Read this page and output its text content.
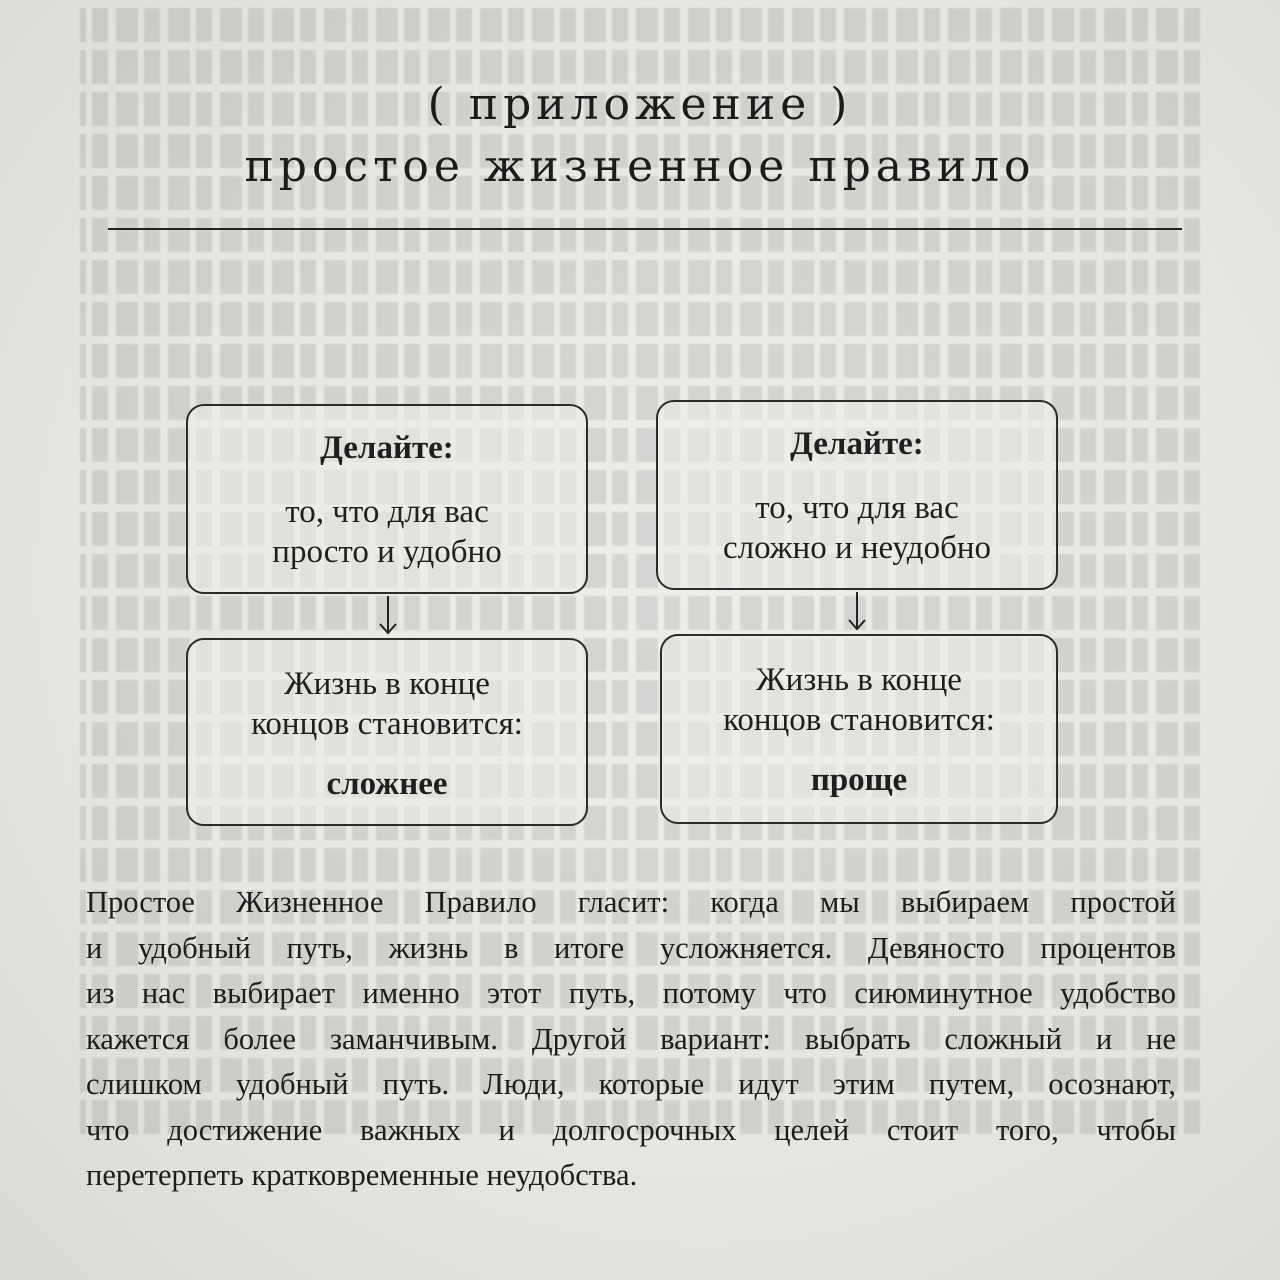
( приложение )
простое жизненное правило
Делайте:
то, что для вас
просто и удобно
Жизнь в конце
концов становится:
сложнее
Делайте:
то, что для вас
сложно и неудобно
Жизнь в конце
концов становится:
проще
Простое Жизненное Правило гласит: когда мы выбираем простой
и удобный путь, жизнь в итоге усложняется. Девяносто процентов
из нас выбирает именно этот путь, потому что сиюминутное удобство
кажется более заманчивым. Другой вариант: выбрать сложный и не
слишком удобный путь. Люди, которые идут этим путем, осознают,
что достижение важных и долгосрочных целей стоит того, чтобы
перетерпеть кратковременные неудобства.
